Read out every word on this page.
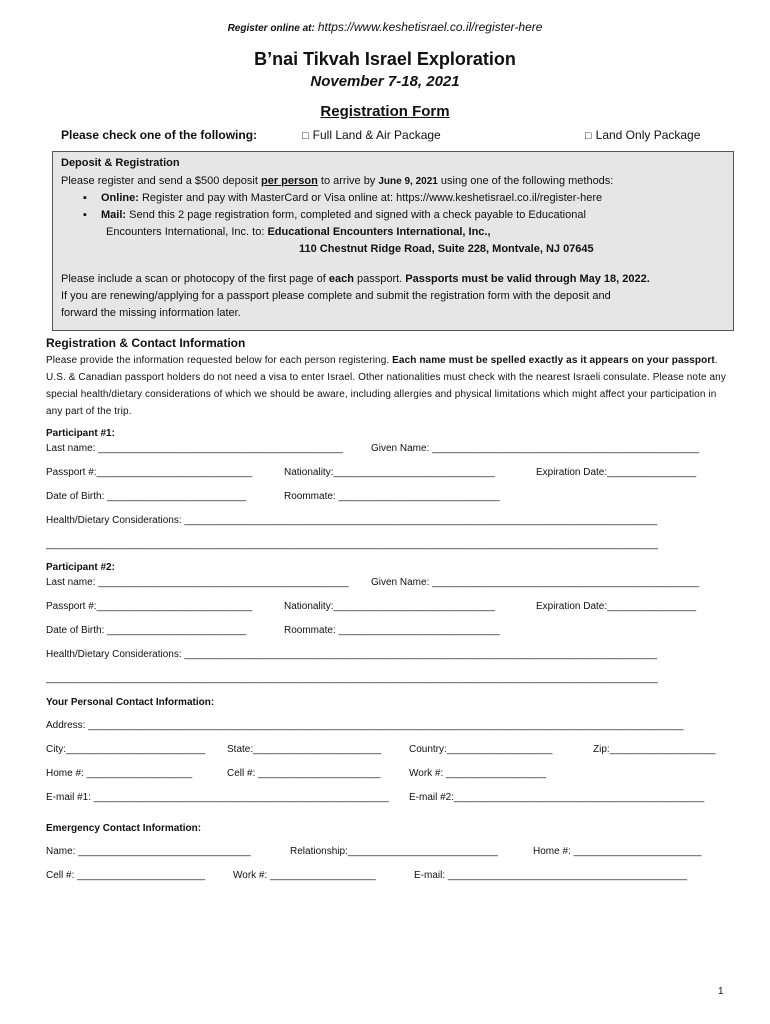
Register online at: https://www.keshetisrael.co.il/register-here
B’nai Tikvah Israel Exploration
November 7-18, 2021
Registration Form
Please check one of the following:	□ Full Land & Air Package	□ Land Only Package
Deposit & Registration
Please register and send a $500 deposit per person to arrive by June 9, 2021 using one of the following methods:
▪ Online: Register and pay with MasterCard or Visa online at: https://www.keshetisrael.co.il/register-here
▪ Mail: Send this 2 page registration form, completed and signed with a check payable to Educational
Encounters International, Inc. to: Educational Encounters International, Inc.,
110 Chestnut Ridge Road, Suite 228, Montvale, NJ 07645
Please include a scan or photocopy of the first page of each passport. Passports must be valid through May 18, 2022.
If you are renewing/applying for a passport please complete and submit the registration form with the deposit and
forward the missing information later.
Registration & Contact Information
Please provide the information requested below for each person registering. Each name must be spelled exactly as it appears on your passport. U.S. & Canadian passport holders do not need a visa to enter Israel. Other nationalities must check with the nearest Israeli consulate. Please note any special health/dietary considerations of which we should be aware, including allergies and physical limitations which might affect your participation in any part of the trip.
Participant #1:
Last name: ____________________________________________	Given Name: ________________________________________________
Passport #:____________________________	Nationality:_____________________________	Expiration Date:________________
Date of Birth: _________________________	Roommate: _____________________________
Health/Dietary Considerations: _____________________________________________________________________________________
______________________________________________________________________________________________________________
Participant #2:
Last name: _____________________________________________ Given Name: ________________________________________________
Passport #:____________________________	Nationality:_____________________________	Expiration Date:________________
Date of Birth: _________________________	Roommate: _____________________________
Health/Dietary Considerations: _____________________________________________________________________________________
______________________________________________________________________________________________________________
Your Personal Contact Information:
Address: ___________________________________________________________________________________________________________
City:_________________________ State:_______________________	Country:___________________	Zip:___________________
Home #: ___________________	Cell #: ______________________	Work #: __________________
E-mail #1: _____________________________________________________ E-mail #2:_____________________________________________
Emergency Contact Information:
Name: _______________________________	Relationship:___________________________	Home #: _______________________
Cell #: _______________________	Work #: ___________________	E-mail: ___________________________________________
1
